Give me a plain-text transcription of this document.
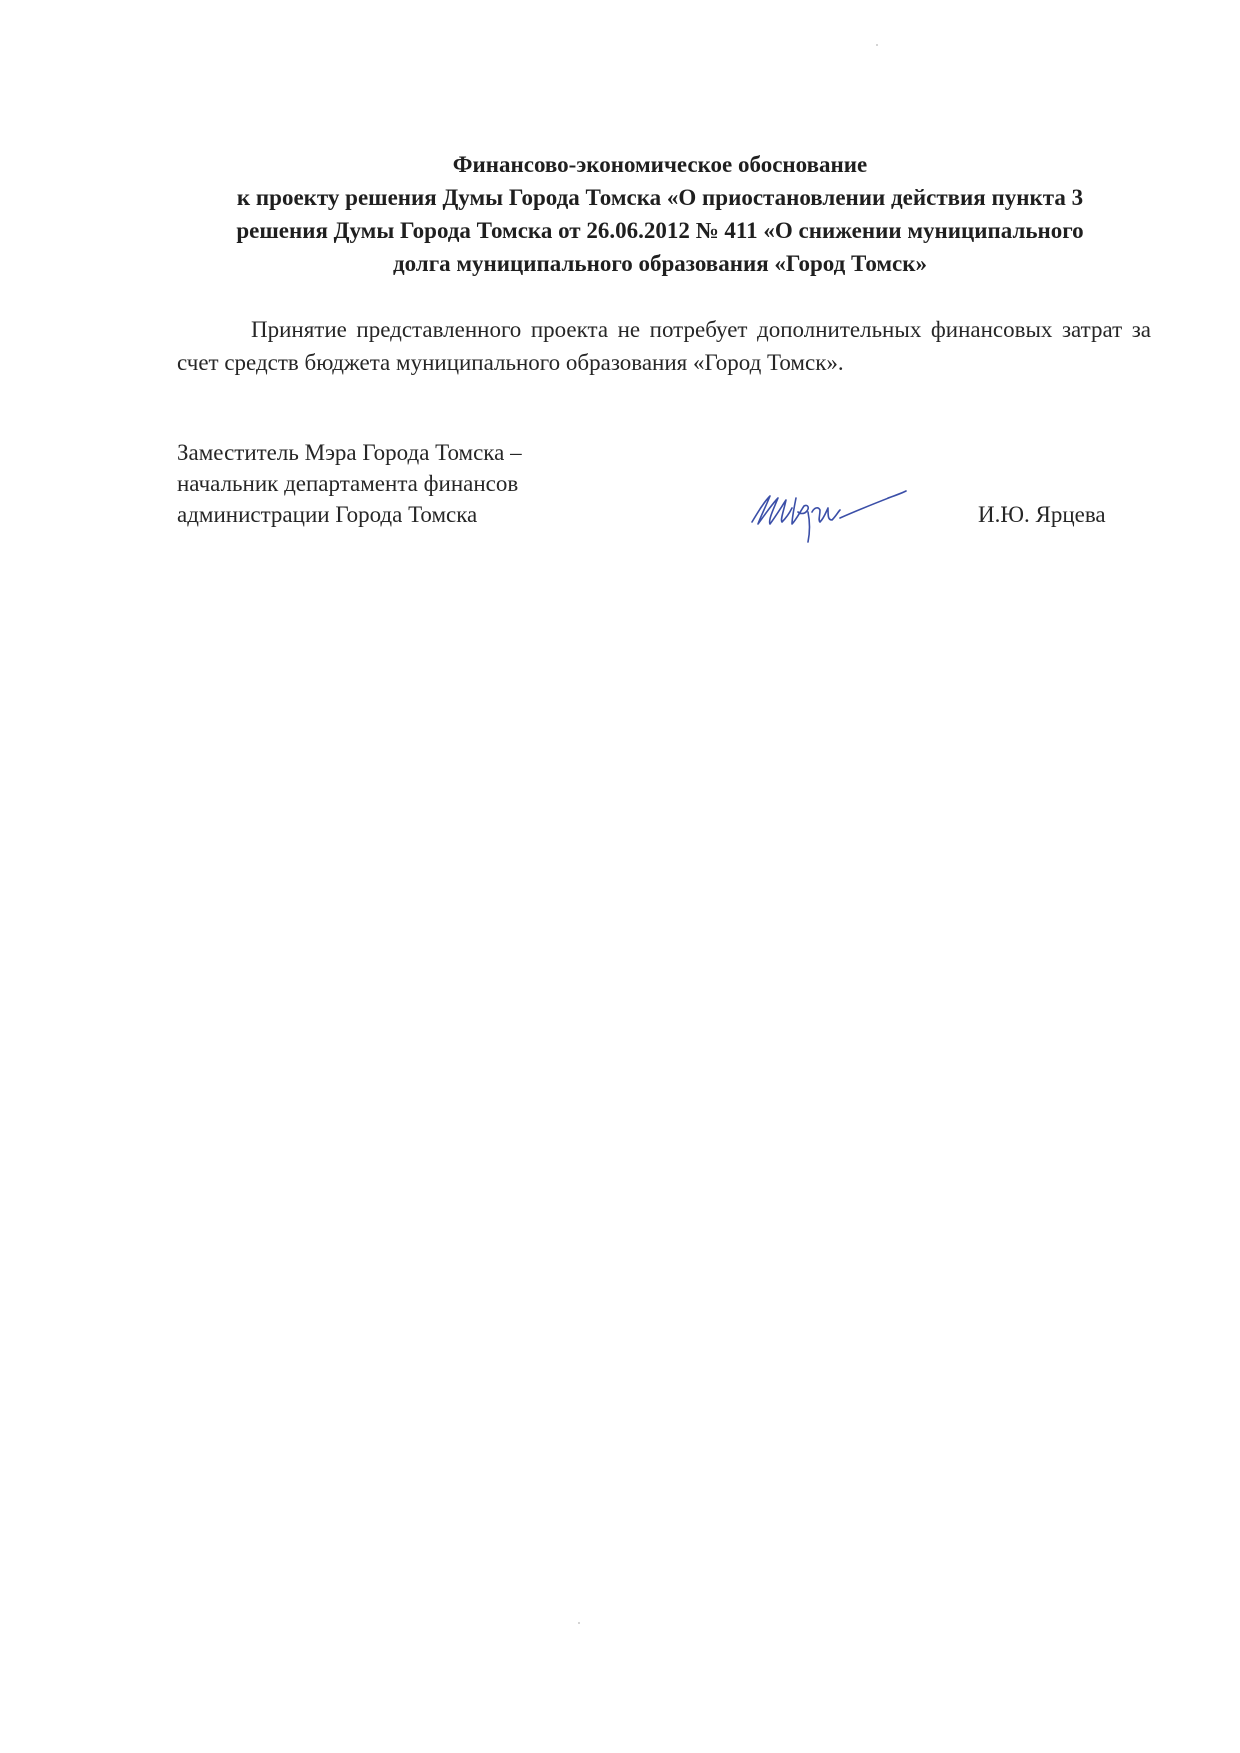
Финансово-экономическое обоснование
к проекту решения Думы Города Томска «О приостановлении действия пункта 3
решения Думы Города Томска от 26.06.2012 № 411 «О снижении муниципального
долга муниципального образования «Город Томск»

Принятие представленного проекта не потребует дополнительных финансовых затрат за счет средств бюджета муниципального образования «Город Томск».

Заместитель Мэра Города Томска –
начальник департамента финансов
администрации Города Томска	И.Ю. Ярцева
